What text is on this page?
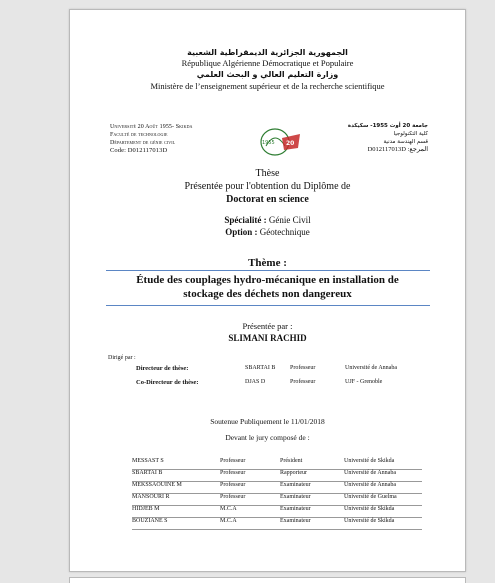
الجمهورية الجزائرية الديمقراطية الشعبية
République Algérienne Démocratique et Populaire
وزارة التعليم العالي و البحث العلمي
Ministère de l’enseignement supérieur et de la recherche scientifique
Université 20 Août 1955- Skikda
Faculté de technologie
Département de génie civil
Code: D012117013D
1955 20
جامعة 20 أوت 1955- سكيكدة
كلية التكنولوجيا
قسم الهندسة مدنية
D012117013D :المرجع
Thèse
Présentée pour l'obtention du Diplôme de
Doctorat en science
Spécialité : Génie Civil
Option : Géotechnique
Thème :
Étude des couplages hydro-mécanique en installation de
stockage des déchets non dangereux
Présentée par :
SLIMANI RACHID
Dirigé par :
Directeur de thèse:	SBARTAI B Professeur	Université de Annaba
Co-Directeur de thèse:	DJAS D	Professeur	UJF - Grenoble
Soutenue Publiquement le 11/01/2018
Devant le jury composé de :
MESSAST S	Professeur	Président	Université de Skikda
SBARTAI B	Professeur	Rapporteur	Université de Annaba
MEKSSAOUINE M	Professeur	Examinateur	Université de Annaba
MANSOURI R	Professeur	Examinateur	Université de Guelma
HIDJEB M	M.C.A	Examinateur	Université de Skikda
BOUZIANE S	M.C.A	Examinateur	Université de Skikda
